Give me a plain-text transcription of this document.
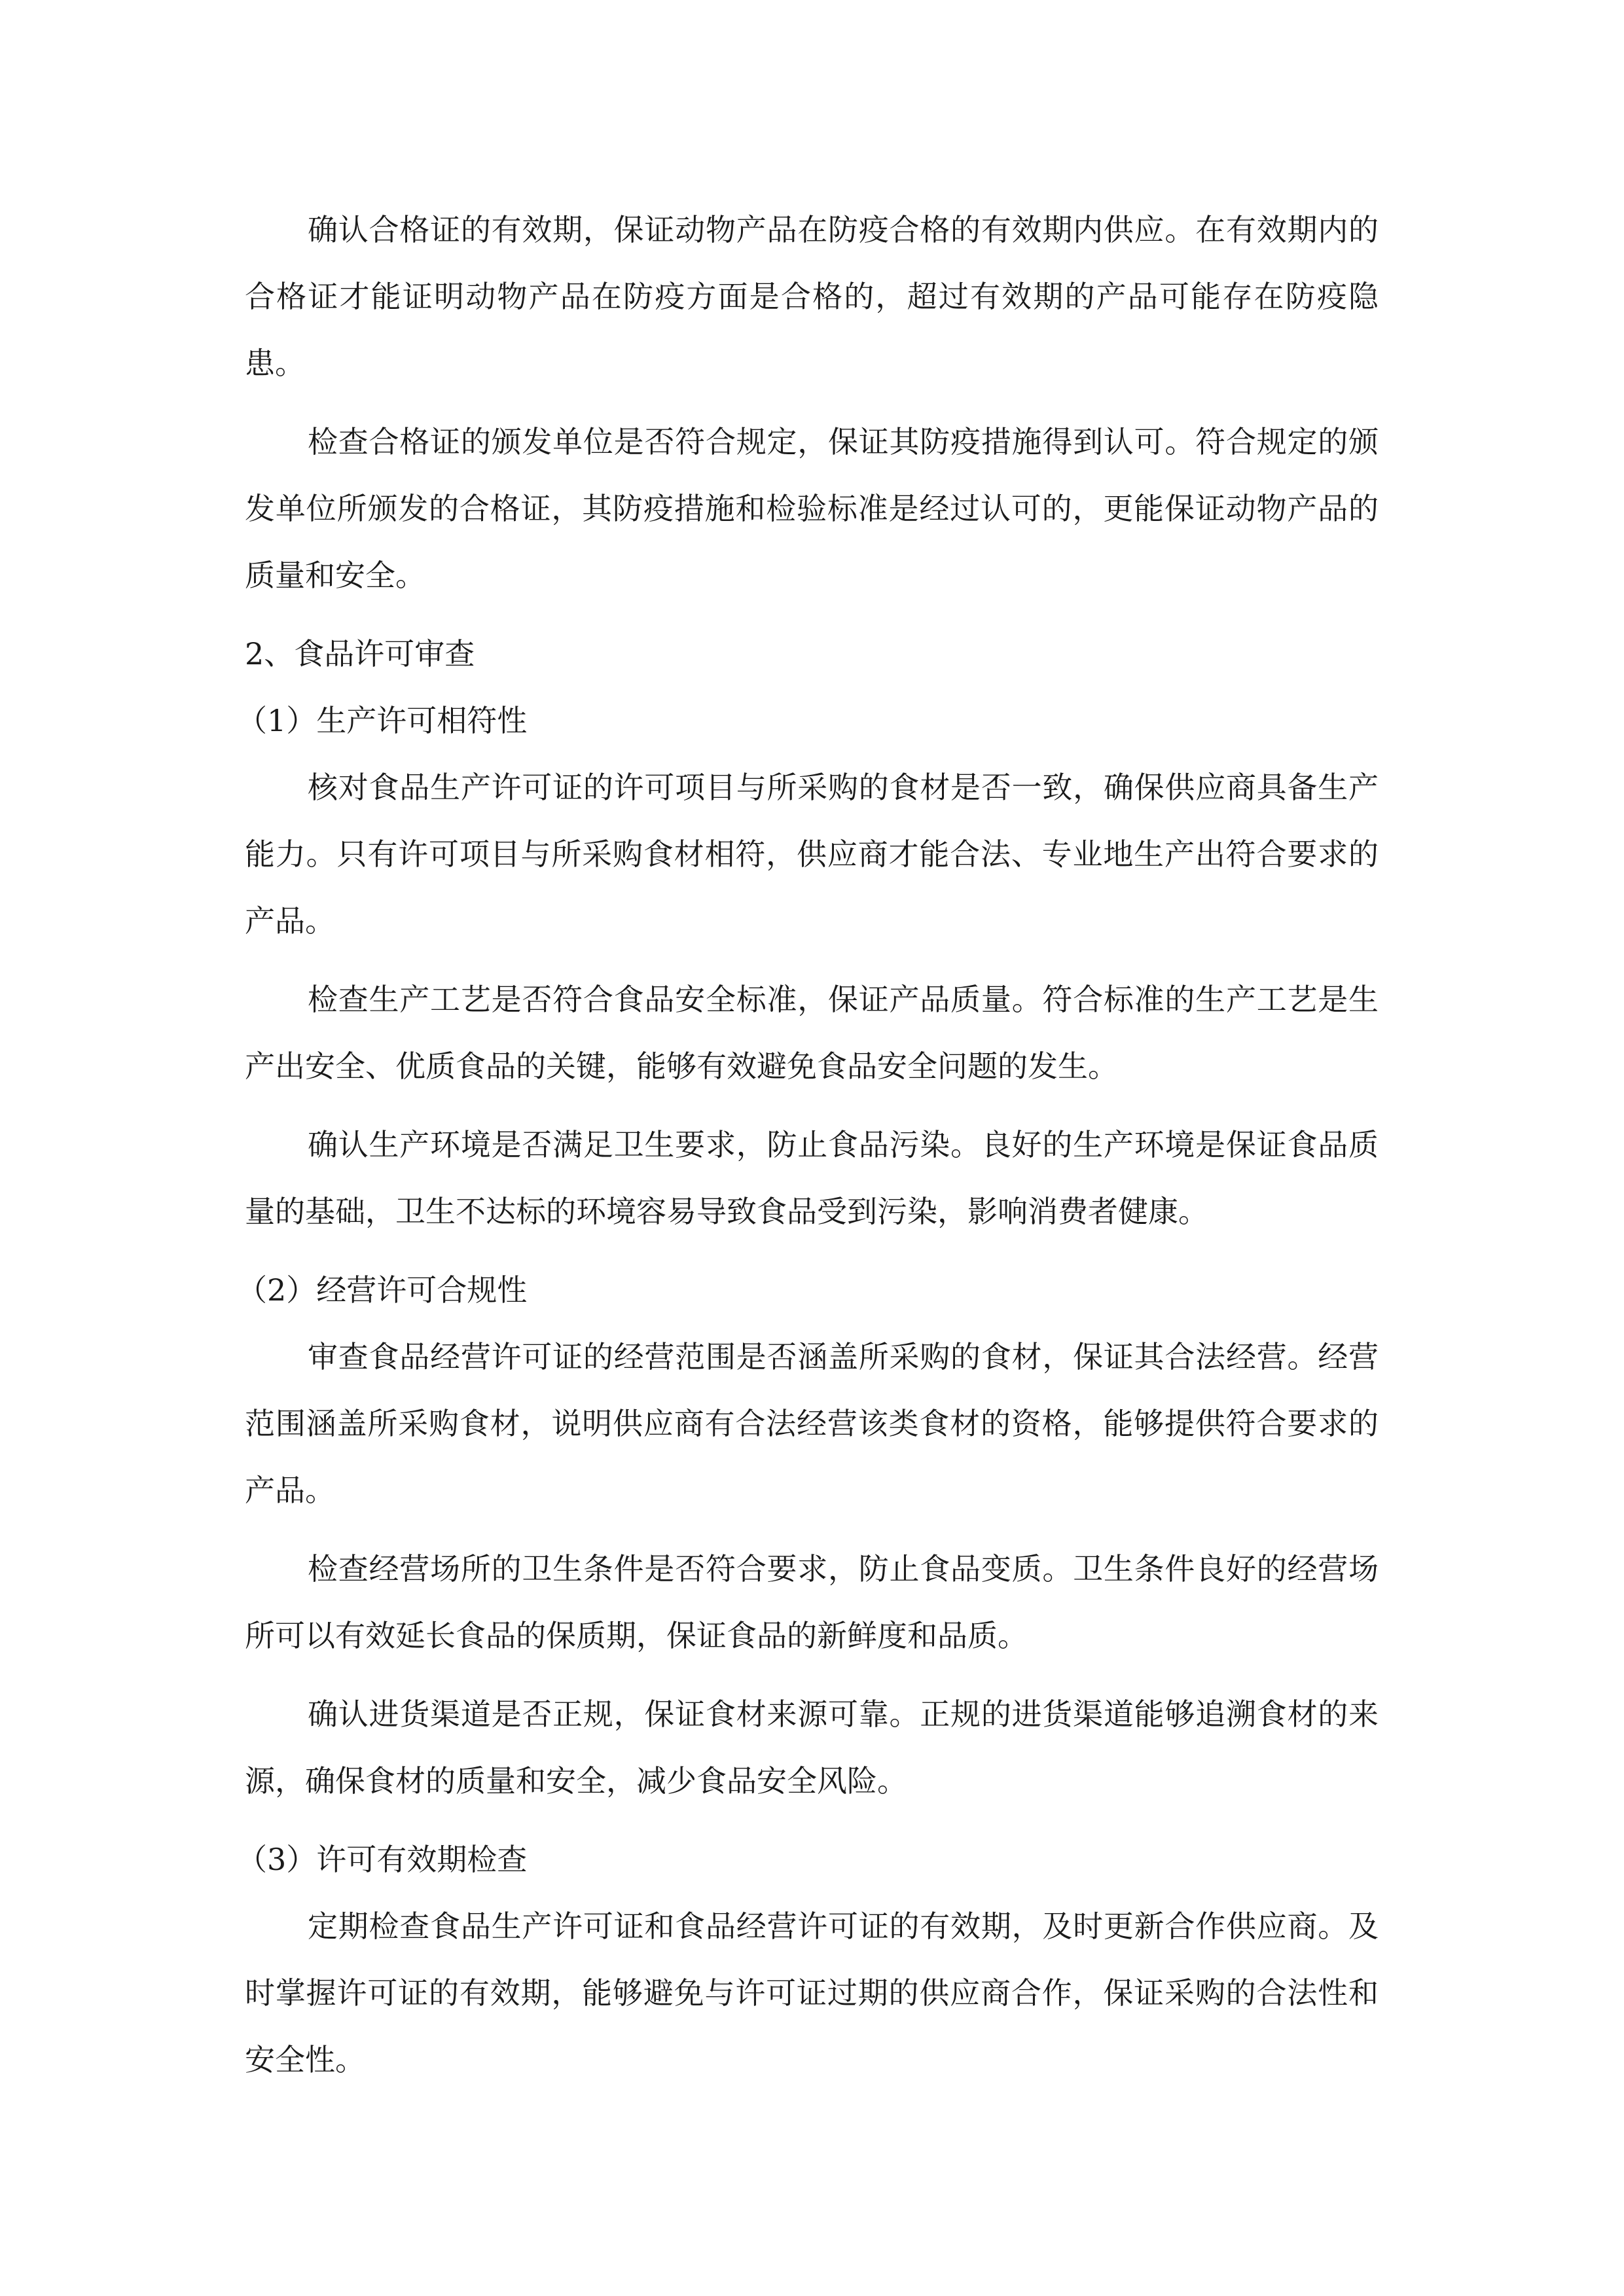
确认合格证的有效期，保证动物产品在防疫合格的有效期内供应。在有效期内的合格证才能证明动物产品在防疫方面是合格的，超过有效期的产品可能存在防疫隐患。

检查合格证的颁发单位是否符合规定，保证其防疫措施得到认可。符合规定的颁发单位所颁发的合格证，其防疫措施和检验标准是经过认可的，更能保证动物产品的质量和安全。

2、食品许可审查

（1）生产许可相符性

核对食品生产许可证的许可项目与所采购的食材是否一致，确保供应商具备生产能力。只有许可项目与所采购食材相符，供应商才能合法、专业地生产出符合要求的产品。

检查生产工艺是否符合食品安全标准，保证产品质量。符合标准的生产工艺是生产出安全、优质食品的关键，能够有效避免食品安全问题的发生。

确认生产环境是否满足卫生要求，防止食品污染。良好的生产环境是保证食品质量的基础，卫生不达标的环境容易导致食品受到污染，影响消费者健康。

（2）经营许可合规性

审查食品经营许可证的经营范围是否涵盖所采购的食材，保证其合法经营。经营范围涵盖所采购食材，说明供应商有合法经营该类食材的资格，能够提供符合要求的产品。

检查经营场所的卫生条件是否符合要求，防止食品变质。卫生条件良好的经营场所可以有效延长食品的保质期，保证食品的新鲜度和品质。

确认进货渠道是否正规，保证食材来源可靠。正规的进货渠道能够追溯食材的来源，确保食材的质量和安全，减少食品安全风险。

（3）许可有效期检查

定期检查食品生产许可证和食品经营许可证的有效期，及时更新合作供应商。及时掌握许可证的有效期，能够避免与许可证过期的供应商合作，保证采购的合法性和安全性。
